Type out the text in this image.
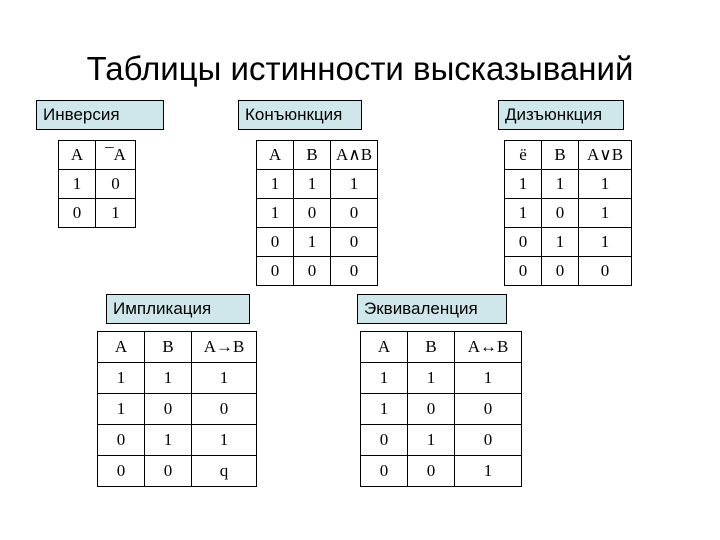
Таблицы истинности высказываний
Инверсия	Конъюнкция	Дизъюнкция
Импликация	Эквиваленция
A	¯A
1	0
0	1
A	B	A∧B
1	1	1
1	0	0
0	1	0
0	0	0
ё	B	A∨B
1	1	1
1	0	1
0	1	1
0	0	0
A	B	A→B
1	1	1
1	0	0
0	1	1
0	0	q
A	B	A↔B
1	1	1
1	0	0
0	1	0
0	0	1
